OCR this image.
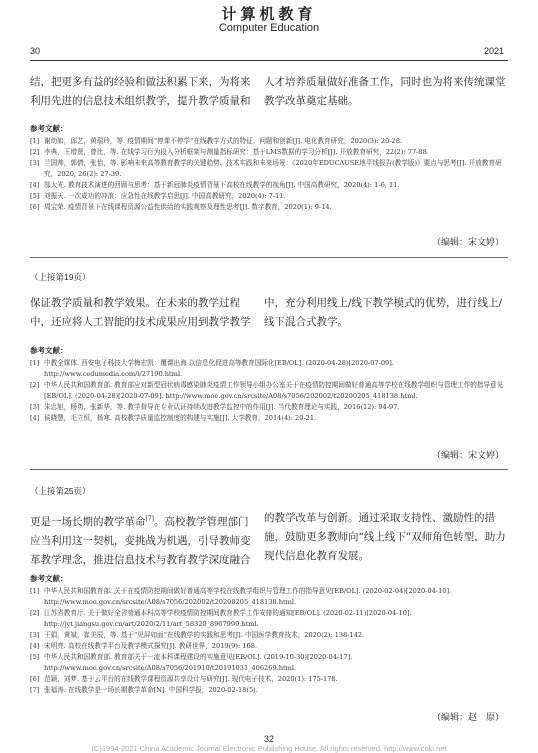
计算机教育
Computer Education
30	2021
结，把更多有益的经验和做法积累下来，为将来利用先进的信息技术组织教学，提升教学质量和
人才培养质量做好准备工作，同时也为将来传统课堂教学改革奠定基础。
参考文献：
[1] 谢幼如，邱艺，黄瑞玲，等. 疫情期间“停课不停学”在线教学方式的特征、问题和创新[J]. 电化教育研究，2020(3): 20-28.
[2] 李典，王增贤，曾比，等. 在线学习行为投入分析框架与测量指标研究：基于LMS数据的学习分析[J]. 开放教育研究，22(2): 77-88.
[3] 兰国帅，郭倩，张怡，等. 影响未来高等教育教学的关键趋势、技术实践和未来场景：《2020年EDUCAUSE地平线报告(教学版)》要点与思考[J]. 开放教育研究，2020, 26(2): 27-39.
[4] 邬大光. 教育技术演进的回顾与思考：基于新冠肺炎疫情背景下高校在线教学的视角[J]. 中国高教研究，2020(4): 1-6, 11.
[5] 刘振天. 一次成功的冲浪：应急性在线教学启思[J]. 中国高教研究，2020(4): 7-11.
[6] 周宝荣. 疫情背景下在线课程资源公益性供给的实践观察及理性思考[J]. 数字教育，2020(1): 9-14.
（编辑：宋文婷）
（上接第19页）
保证教学质量和教学效果。在未来的教学过程中，还应将人工智能的技术成果应用到教学教学
中，充分利用线上/线下教学模式的优势，进行线上/线下混合式教学。
参考文献：
[1] 中教全媒体. 西安电子科技大学梅宏凯：覆课出海 以信息化促进高等教育国际化[EB/OL]. (2020-04-28)[2020-07-09]. http://www.cedumedia.com/i/27190.html.
[2] 中华人民共和国教育部. 教育部应对新型冠状病毒感染肺炎疫情工作领导小组办公室关于在疫情防控期间做好普通高等学校在线教学组织与管理工作的指导意见[EB/OL]. (2020-04-28)[2020-07-09]. http://www.moe.gov.cn/srcsite/A08/s7056/202002/t20200205_418138.html.
[3] 朱忠旭，杨勇，张新华，等. 教学督导在专业认证持续改进教学监控中的作用[J]. 当代教育理论与实践，2016(12): 94-97.
[4] 侯晓慧，毛立恒，杨寒. 高校教学质量监控制度的构建与实施[J]. 大学教育，2014(4): 20-21.
（编辑：宋文婷）
（上接第25页）
更是一场长期的教学革命[7]。高校教学管理部门应当利用这一契机，变挑战为机遇，引导教师变革教学理念，推进信息技术与教育教学深度融合
的教学改革与创新。通过采取支持性、激励性的措施，鼓励更多教师向“线上线下”双师角色转型，助力现代信息化教育发展。
参考文献：
[1] 中华人民共和国教育部. 关于在疫情防控期间做好普通高等学校在线教学组织与管理工作的指导意见[EB/OL]. (2020-02-04)[2020-04-10]. http://www.moe.gov.cn/srcsite/A08/s7056/202002/t20200205_418138.html.
[2] 江苏省教育厅. 关于做好全省普通本科高等学校疫情防控期间教育教学工作安排的通知[EB/OL]. (2020-02-11)[2020-04-10]. http://jyt.jiangsu.gov.cn/art/2020/2/11/art_58320_8967999.html.
[3] 王娟，黄斌，崔美辰，等. 基于“见屏如面”在线教学的实践和思考[J]. 中国医学教育技术，2020(2): 138-142.
[4] 宋明亮. 高校在线教学平台及教学模式探究[J]. 教研世界，2019(9): 168.
[5] 中华人民共和国教育部. 教育部关于一流本科课程建设的实施意见[EB/OL]. (2019-10-30)[2020-04-17]. http://www.moe.gov.cn/srcsite/A08/s7056/201910/t20191031_406269.html.
[6] 范颖，刘梦. 基于云平台的在线教学课程资源共享设计与研究[J]. 现代电子技术，2020(1): 175-178.
[7] 张福涛. 在线教学是一场长期教学革命[N]. 中国科学报，2020-02-18(5).
（编辑：赵　原）
32
(C)1994-2021 China Academic Journal Electronic Publishing House. All rights reserved. http://www.cnki.net
